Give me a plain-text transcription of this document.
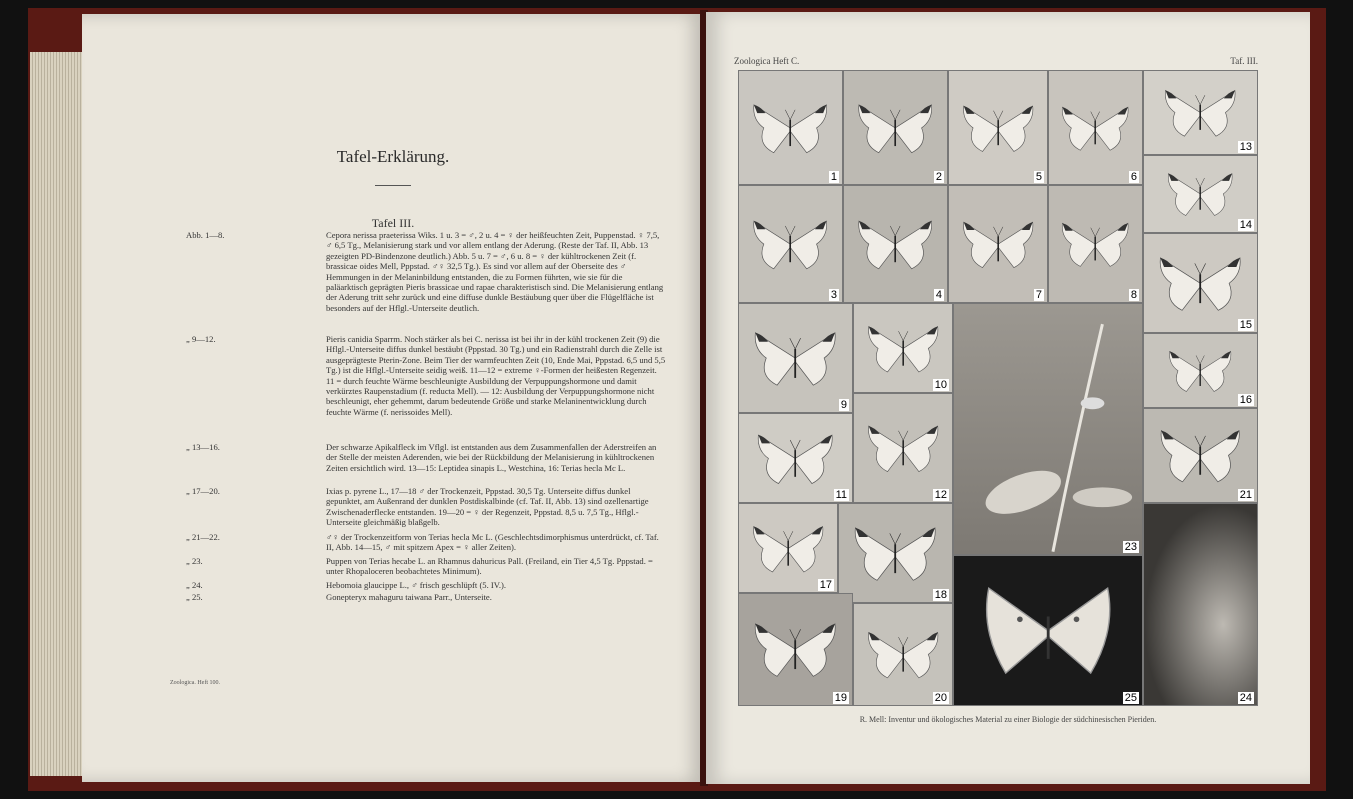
Tafel-Erklärung.
Tafel III.
Abb. 1—8.	Cepora nerissa praeterissa Wiks. 1 u. 3 = ♂, 2 u. 4 = ♀ der heißfeuchten Zeit, Puppenstad. ♀ 7,5, ♂ 6,5 Tg., Melanisierung stark und vor allem entlang der Aderung. (Reste der Taf. II, Abb. 13 gezeigten PD-Bindenzone deutlich.) Abb. 5 u. 7 = ♂, 6 u. 8 = ♀ der kühltrockenen Zeit (f. brassicae oides Mell, Pppstad. ♂♀ 32,5 Tg.). Es sind vor allem auf der Oberseite des ♂ Hemmungen in der Melaninbildung entstanden, die zu Formen führten, wie sie für die paläarktisch geprägten Pieris brassicae und rapae charakteristisch sind. Die Melanisierung entlang der Aderung tritt sehr zurück und eine diffuse dunkle Bestäubung quer über die Flügelfläche ist besonders auf der Hflgl.-Unterseite deutlich.
„ 9—12.	Pieris canidia Sparrm. Noch stärker als bei C. nerissa ist bei ihr in der kühl trockenen Zeit (9) die Hflgl.-Unterseite diffus dunkel bestäubt (Pppstad. 30 Tg.) und ein Radienstrahl durch die Zelle ist ausgeprägteste Pterin-Zone. Beim Tier der warmfeuchten Zeit (10, Ende Mai, Pppstad. 6,5 und 5,5 Tg.) ist die Hflgl.-Unterseite seidig weiß. 11—12 = extreme ♀-Formen der heißesten Regenzeit. 11 = durch feuchte Wärme beschleunigte Ausbildung der Verpuppungshormone und damit verkürztes Raupenstadium (f. reducta Mell). — 12: Ausbildung der Verpuppungshormone nicht beschleunigt, eher gehemmt, darum bedeutende Größe und starke Melaninentwicklung durch feuchte Wärme (f. nerissoides Mell).
„ 13—16.	Der schwarze Apikalfleck im Vflgl. ist entstanden aus dem Zusammenfallen der Aderstreifen an der Stelle der meisten Aderenden, wie bei der Rückbildung der Melanisierung in kühltrockenen Zeiten ersichtlich wird. 13—15: Leptidea sinapis L., Westchina, 16: Terias hecla Mc L.
„ 17—20.	Ixias p. pyrene L., 17—18 ♂ der Trockenzeit, Pppstad. 30,5 Tg. Unterseite diffus dunkel gepunktet, am Außenrand der dunklen Postdiskalbinde (cf. Taf. II, Abb. 13) sind ozellenartige Zwischenaderflecke entstanden. 19—20 = ♀ der Regenzeit, Pppstad. 8,5 u. 7,5 Tg., Hflgl.-Unterseite gleichmäßig blaßgelb.
„ 21—22.	♂♀ der Trockenzeitform von Terias hecla Mc L. (Geschlechtsdimorphismus unterdrückt, cf. Taf. II, Abb. 14—15, ♂ mit spitzem Apex = ♀ aller Zeiten).
„ 23.	Puppen von Terias hecabe L. an Rhamnus dahuricus Pall. (Freiland, ein Tier 4,5 Tg. Pppstad. = unter Rhopaloceren beobachtetes Minimum).
„ 24.	Hebomoia glaucippe L., ♂ frisch geschlüpft (5. IV.).
„ 25.	Gonepteryx mahaguru taiwana Parr., Unterseite.
Zoologica. Heft 100.
Zoologica Heft C.	Taf. III.
1	2
3	4
5	6
7	8
13
14
15
16
21
9
10
11	12
23
17
18
19	20	25	24
R. Mell: Inventur und ökologisches Material zu einer Biologie der südchinesischen Pieriden.
